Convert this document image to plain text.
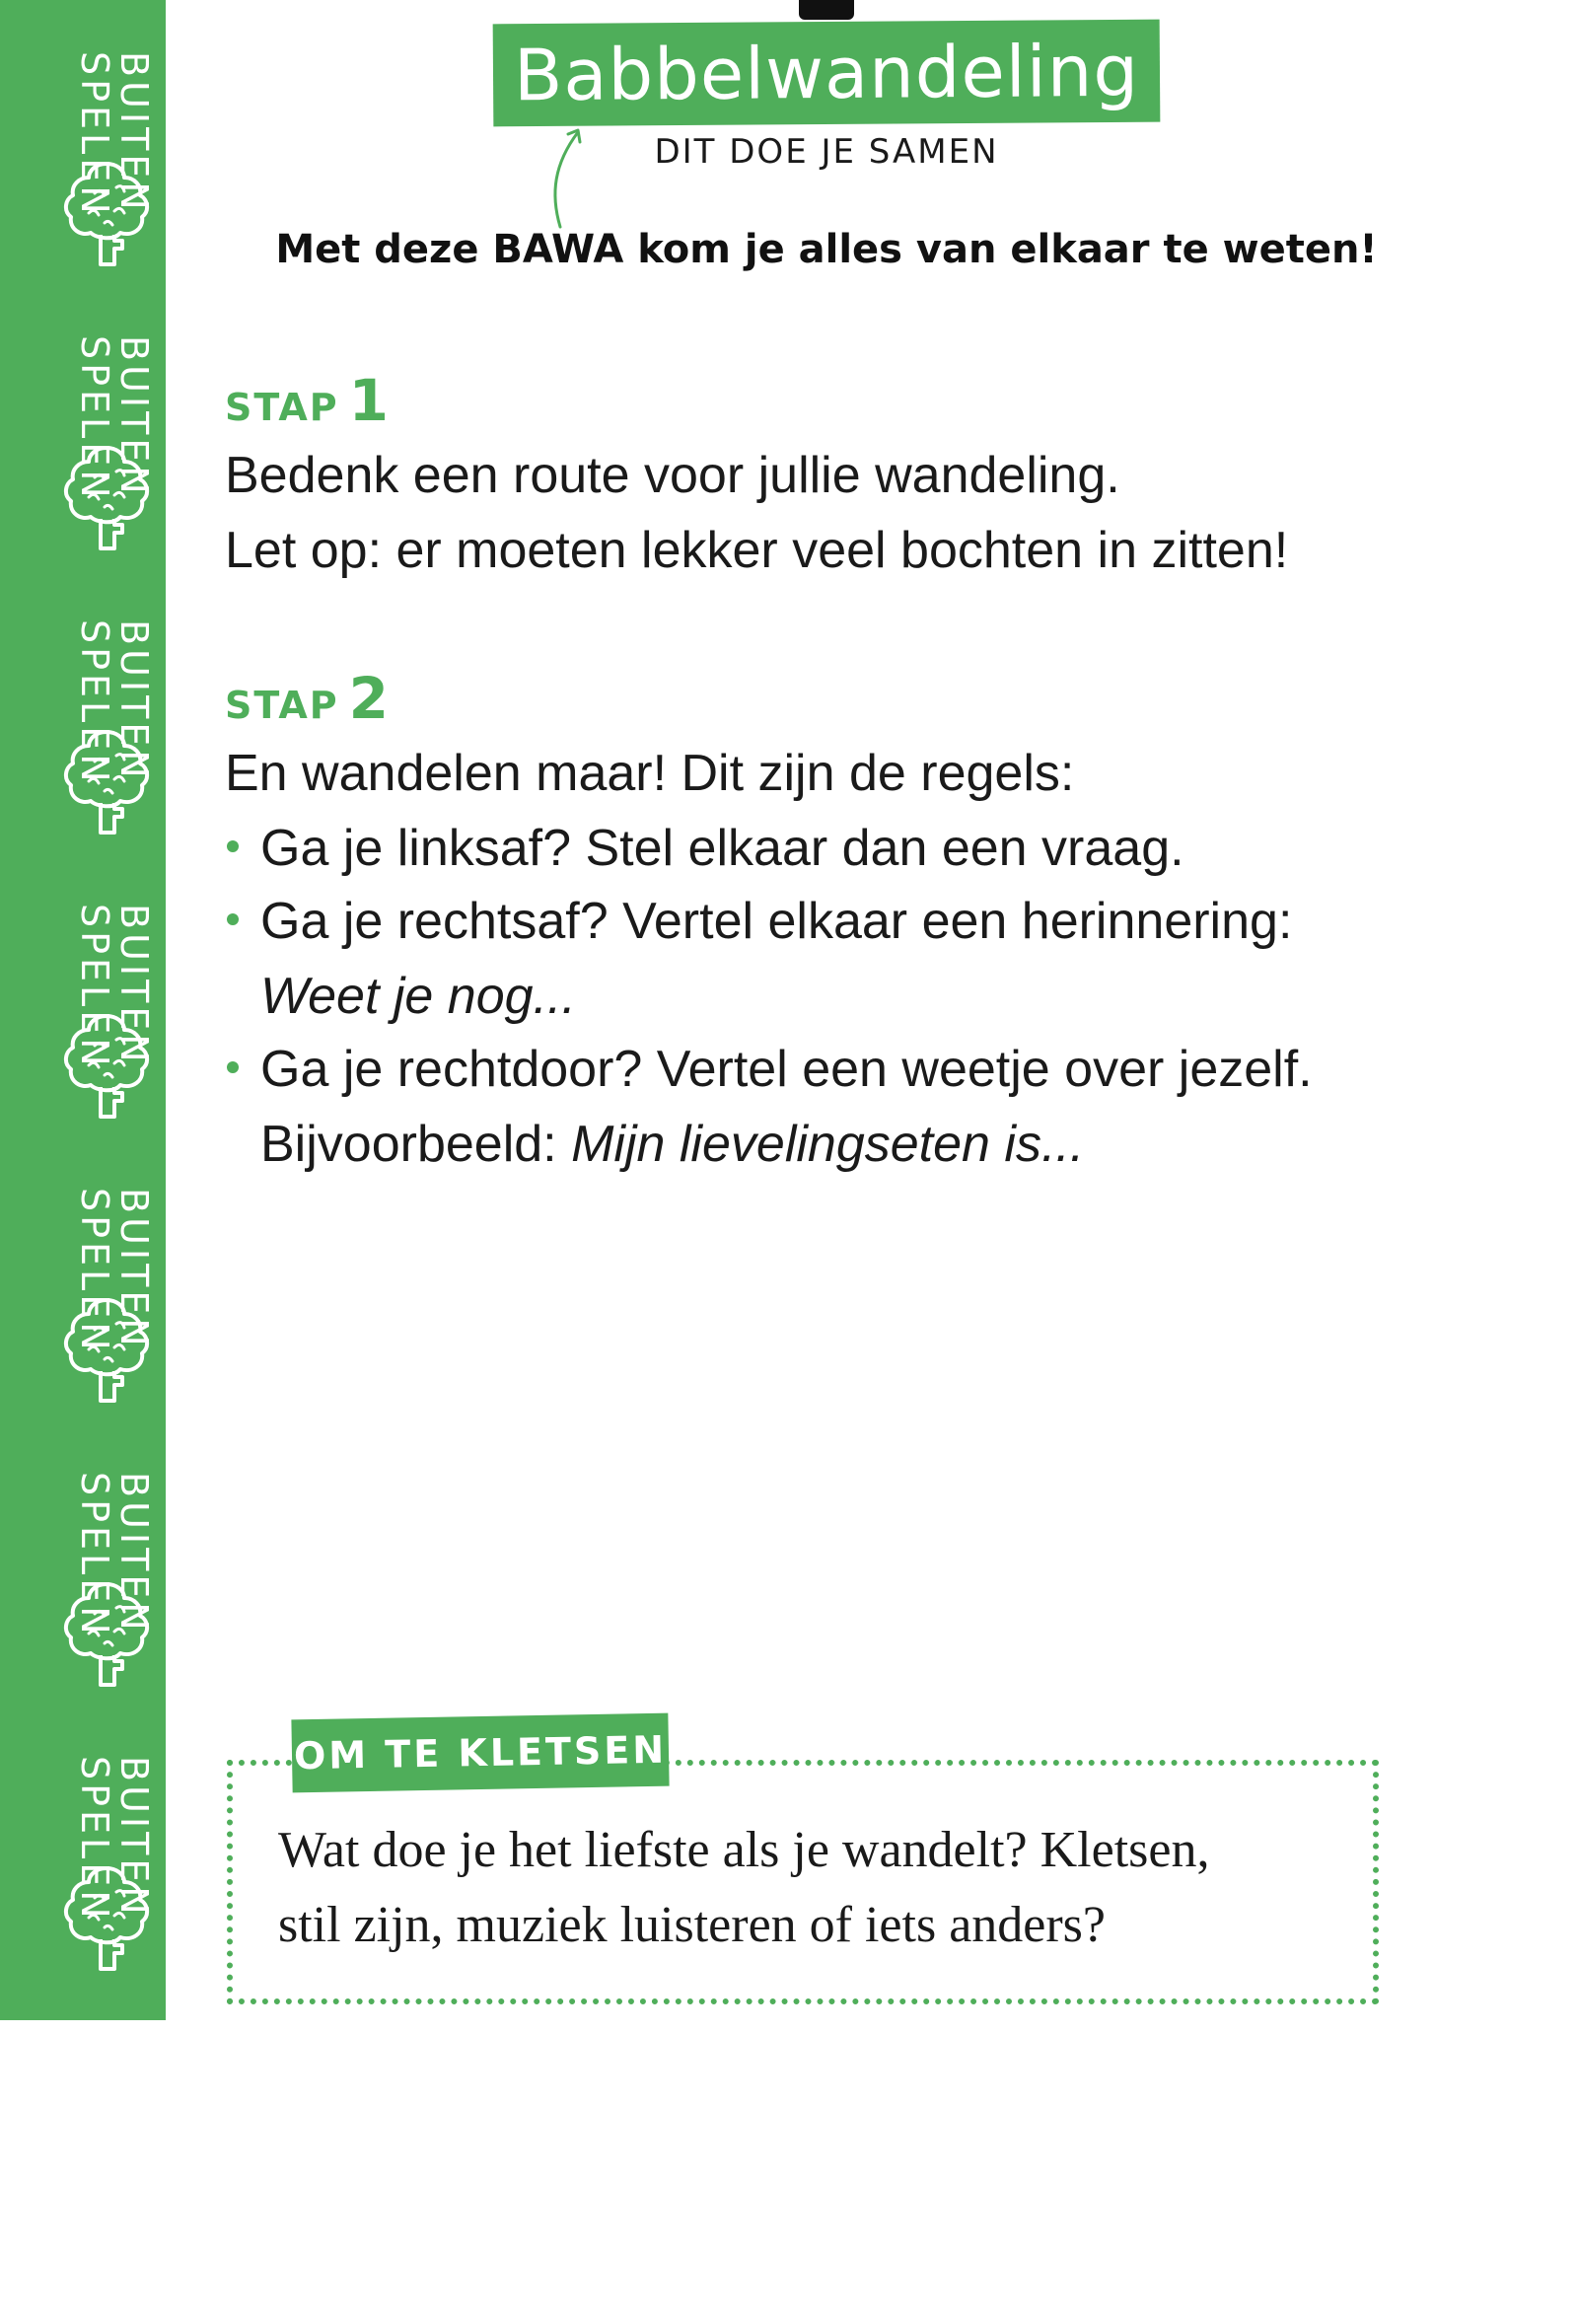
BUITEN
SPELEN
BUITEN
SPELEN
BUITEN
SPELEN
BUITEN
SPELEN
BUITEN
SPELEN
BUITEN
SPELEN
BUITEN
SPELEN
BUITEN
SPELEN
Babbelwandeling
DIT DOE JE SAMEN
Met deze BAWA kom je alles van elkaar te weten!
STAP 1
Bedenk een route voor jullie wandeling.
Let op: er moeten lekker veel bochten in zitten!
STAP 2
En wandelen maar! Dit zijn de regels:
Ga je linksaf? Stel elkaar dan een vraag.
Ga je rechtsaf? Vertel elkaar een herinnering:
Weet je nog...
Ga je rechtdoor? Vertel een weetje over jezelf.
Bijvoorbeeld: Mijn lievelingseten is...
OM TE KLETSEN
Wat doe je het liefste als je wandelt? Kletsen,
stil zijn, muziek luisteren of iets anders?
